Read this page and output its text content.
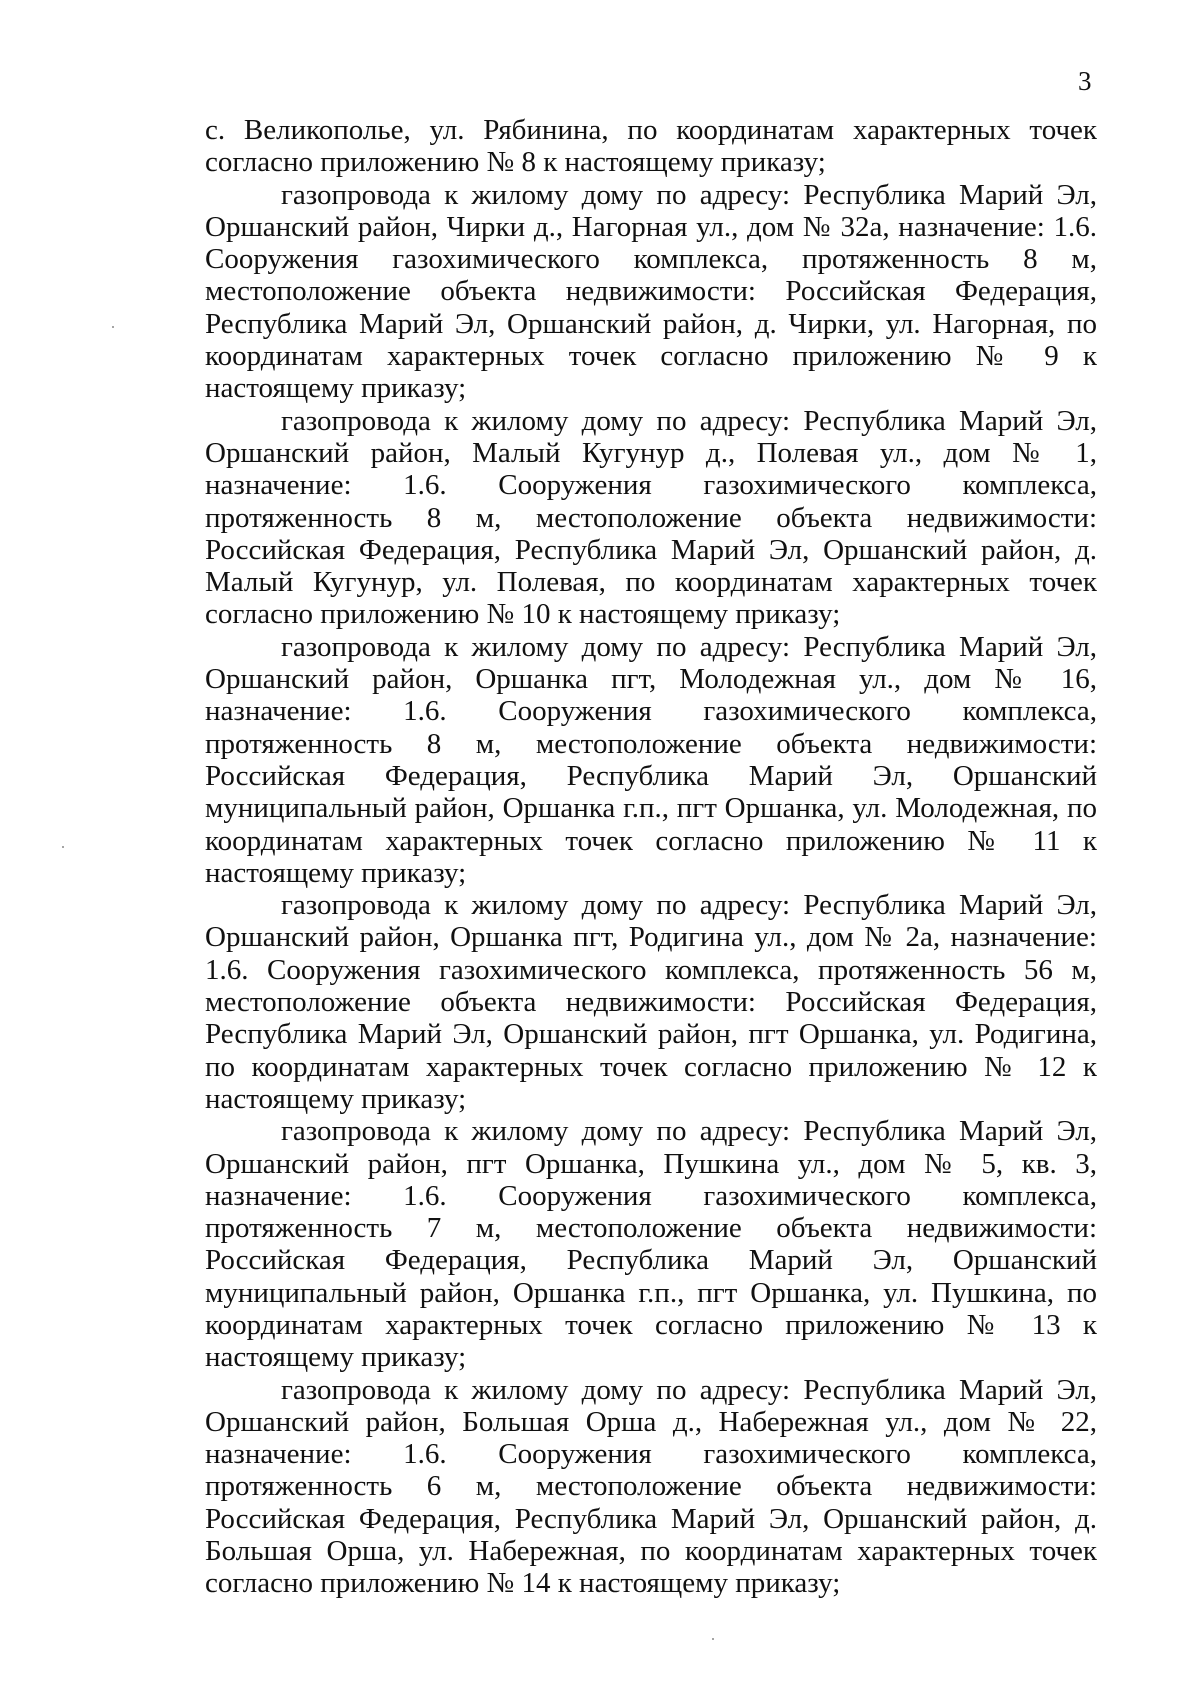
3

с. Великополье, ул. Рябинина, по координатам характерных точек согласно приложению № 8 к настоящему приказу;

газопровода к жилому дому по адресу: Республика Марий Эл, Оршанский район, Чирки д., Нагорная ул., дом № 32а, назначение: 1.6. Сооружения газохимического комплекса, протяженность 8 м, местоположение объекта недвижимости: Российская Федерация, Республика Марий Эл, Оршанский район, д. Чирки, ул. Нагорная, по координатам характерных точек согласно приложению № 9 к настоящему приказу;

газопровода к жилому дому по адресу: Республика Марий Эл, Оршанский район, Малый Кугунур д., Полевая ул., дом № 1, назначение: 1.6. Сооружения газохимического комплекса, протяженность 8 м, местоположение объекта недвижимости: Российская Федерация, Республика Марий Эл, Оршанский район, д. Малый Кугунур, ул. Полевая, по координатам характерных точек согласно приложению № 10 к настоящему приказу;

газопровода к жилому дому по адресу: Республика Марий Эл, Оршанский район, Оршанка пгт, Молодежная ул., дом № 16, назначение: 1.6. Сооружения газохимического комплекса, протяженность 8 м, местоположение объекта недвижимости: Российская Федерация, Республика Марий Эл, Оршанский муниципальный район, Оршанка г.п., пгт Оршанка, ул. Молодежная, по координатам характерных точек согласно приложению № 11 к настоящему приказу;

газопровода к жилому дому по адресу: Республика Марий Эл, Оршанский район, Оршанка пгт, Родигина ул., дом № 2а, назначение: 1.6. Сооружения газохимического комплекса, протяженность 56 м, местоположение объекта недвижимости: Российская Федерация, Республика Марий Эл, Оршанский район, пгт Оршанка, ул. Родигина, по координатам характерных точек согласно приложению № 12 к настоящему приказу;

газопровода к жилому дому по адресу: Республика Марий Эл, Оршанский район, пгт Оршанка, Пушкина ул., дом № 5, кв. 3, назначение: 1.6. Сооружения газохимического комплекса, протяженность 7 м, местоположение объекта недвижимости: Российская Федерация, Республика Марий Эл, Оршанский муниципальный район, Оршанка г.п., пгт Оршанка, ул. Пушкина, по координатам характерных точек согласно приложению № 13 к настоящему приказу;

газопровода к жилому дому по адресу: Республика Марий Эл, Оршанский район, Большая Орша д., Набережная ул., дом № 22, назначение: 1.6. Сооружения газохимического комплекса, протяженность 6 м, местоположение объекта недвижимости: Российская Федерация, Республика Марий Эл, Оршанский район, д. Большая Орша, ул. Набережная, по координатам характерных точек согласно приложению № 14 к настоящему приказу;
